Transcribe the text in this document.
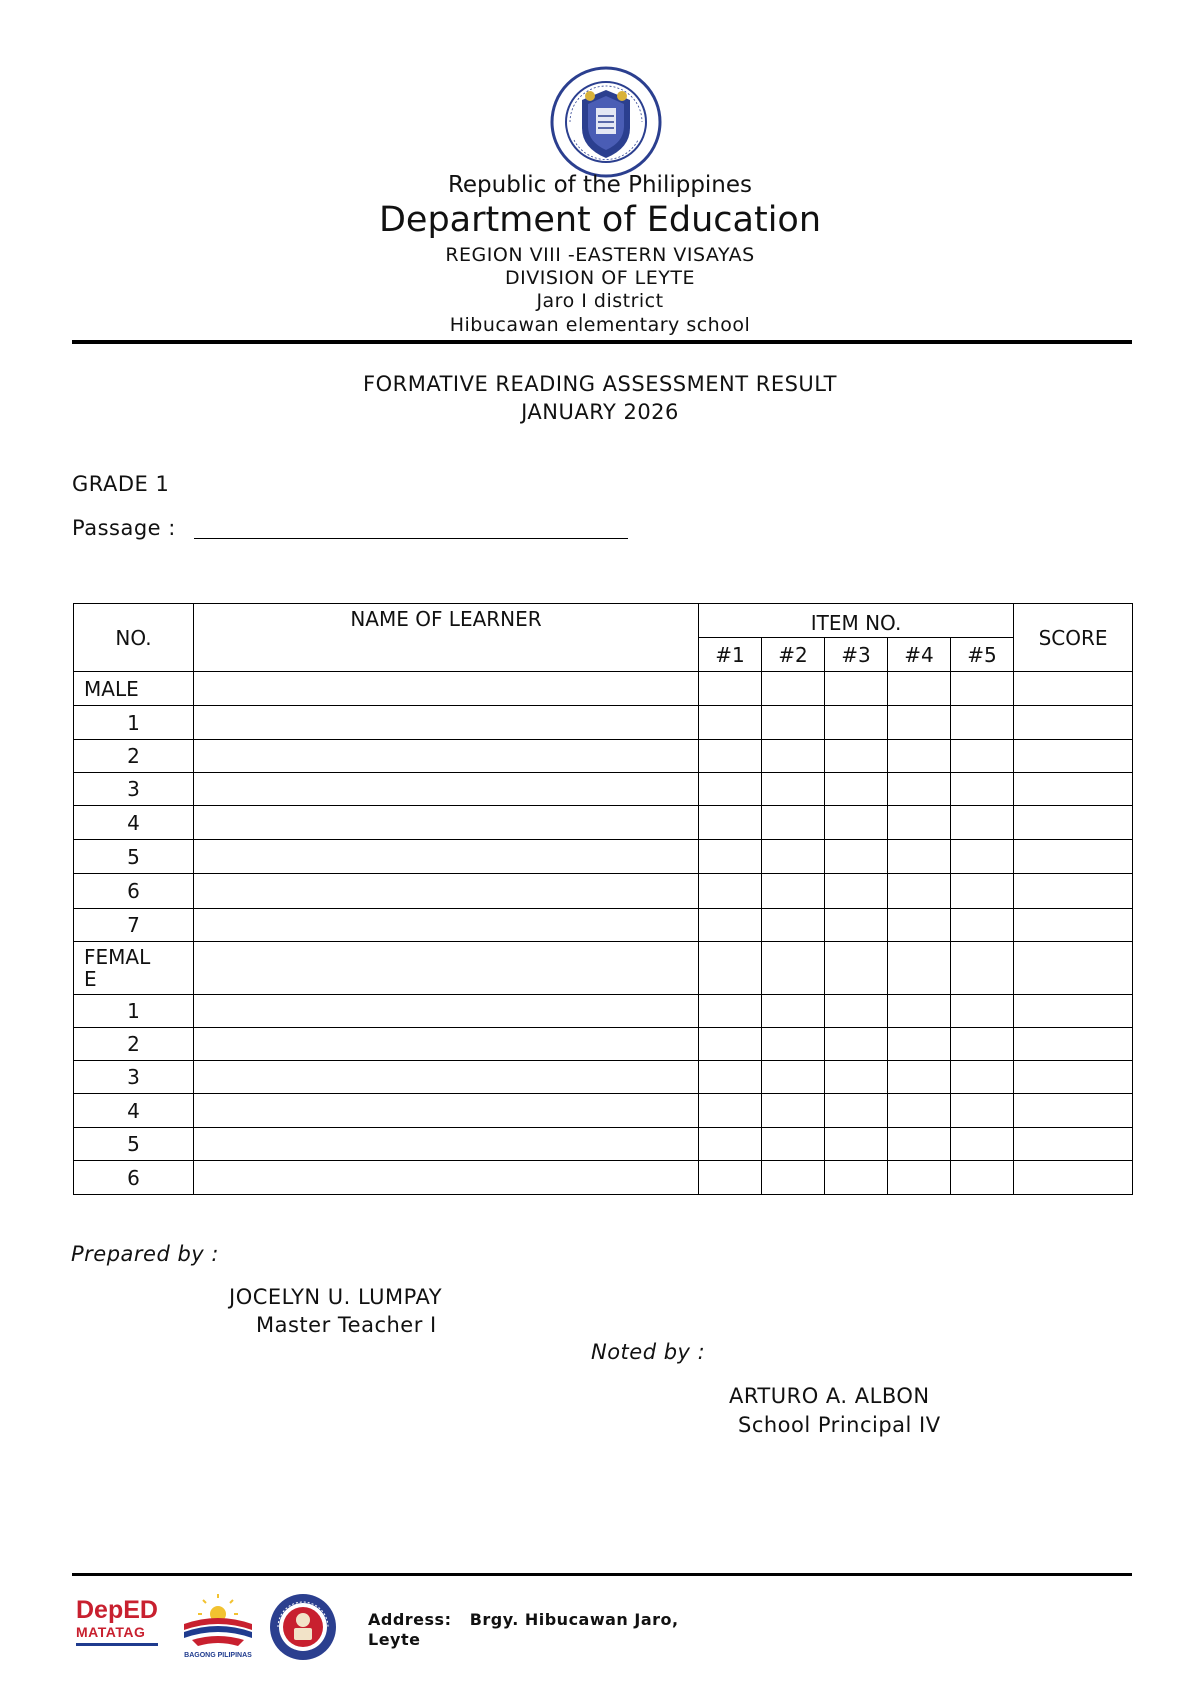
Republic of the Philippines
Department of Education
REGION VIII -EASTERN VISAYAS
DIVISION OF LEYTE
Jaro I district
Hibucawan elementary school
FORMATIVE READING ASSESSMENT RESULT
JANUARY 2026
GRADE 1
Passage :
NO.	NAME OF LEARNER	ITEM NO.					SCORE
		#1	#2	#3	#4	#5	
MALE							
1							
2							
3							
4							
5							
6							
7							

FEMAL
E							

1							
2							
3							
4							
5							
6							
Prepared by :
JOCELYN U. LUMPAY
Master Teacher I
Noted by :
ARTURO A. ALBON
School Principal IV
DepED
MATATAG
BAGONG PILIPINAS
Address: Brgy. Hibucawan Jaro,
Leyte
